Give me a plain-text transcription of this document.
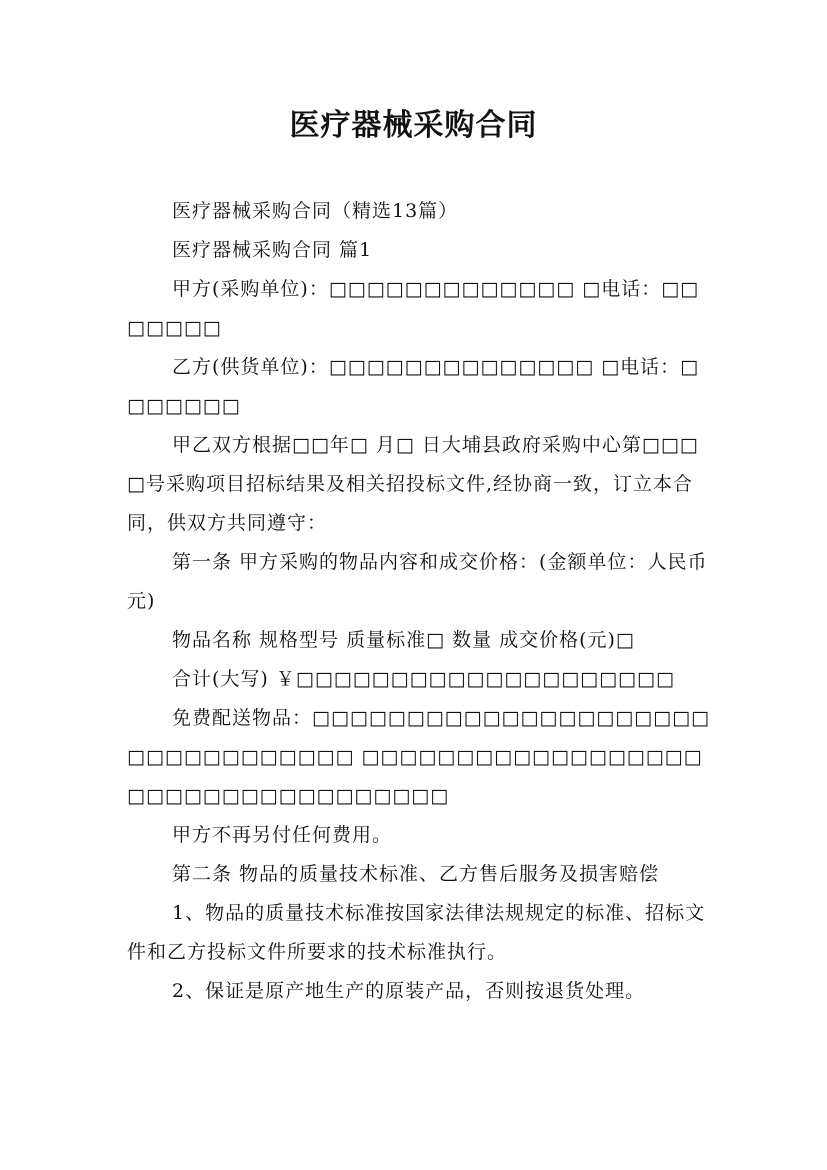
医疗器械采购合同

医疗器械采购合同（精选13篇）

医疗器械采购合同 篇1

甲方(采购单位)：□□□□□□□□□□□□□ □电话：□□□□□□□

乙方(供货单位)：□□□□□□□□□□□□□□ □电话：□□□□□□□

甲乙双方根据□□年□ 月□ 日大埔县政府采购中心第□□□□号采购项目招标结果及相关招投标文件,经协商一致，订立本合同，供双方共同遵守：

第一条 甲方采购的物品内容和成交价格：(金额单位：人民币元)

物品名称 规格型号 质量标准□ 数量 成交价格(元)□

合计(大写) ￥□□□□□□□□□□□□□□□□□□□□

免费配送物品：□□□□□□□□□□□□□□□□□□□□□□□□□□□□□□□□□ □□□□□□□□□□□□□□□□□□□□□□□□□□□□□□□□□□□

甲方不再另付任何费用。

第二条 物品的质量技术标准、乙方售后服务及损害赔偿

1、物品的质量技术标准按国家法律法规规定的标准、招标文件和乙方投标文件所要求的技术标准执行。

2、保证是原产地生产的原装产品，否则按退货处理。
